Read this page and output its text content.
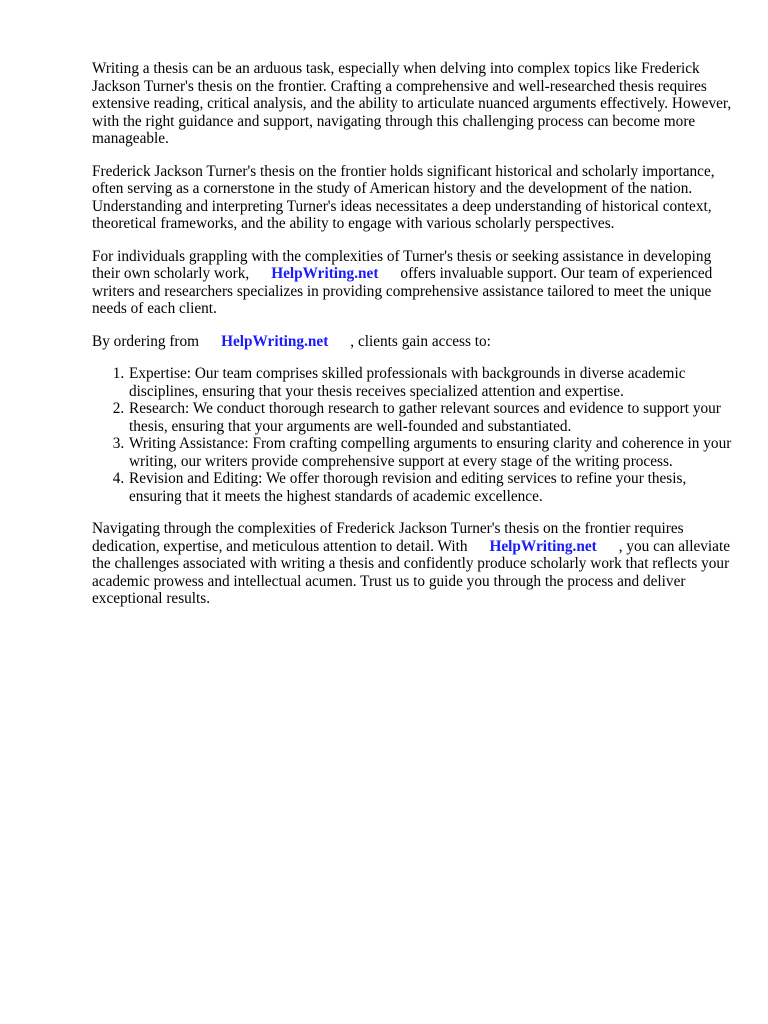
Writing a thesis can be an arduous task, especially when delving into complex topics like Frederick Jackson Turner's thesis on the frontier. Crafting a comprehensive and well-researched thesis requires extensive reading, critical analysis, and the ability to articulate nuanced arguments effectively. However, with the right guidance and support, navigating through this challenging process can become more manageable.

Frederick Jackson Turner's thesis on the frontier holds significant historical and scholarly importance, often serving as a cornerstone in the study of American history and the development of the nation. Understanding and interpreting Turner's ideas necessitates a deep understanding of historical context, theoretical frameworks, and the ability to engage with various scholarly perspectives.

For individuals grappling with the complexities of Turner's thesis or seeking assistance in developing their own scholarly work, HelpWriting.net offers invaluable support. Our team of experienced writers and researchers specializes in providing comprehensive assistance tailored to meet the unique needs of each client.

By ordering from HelpWriting.net , clients gain access to:

1. Expertise: Our team comprises skilled professionals with backgrounds in diverse academic disciplines, ensuring that your thesis receives specialized attention and expertise.
2. Research: We conduct thorough research to gather relevant sources and evidence to support your thesis, ensuring that your arguments are well-founded and substantiated.
3. Writing Assistance: From crafting compelling arguments to ensuring clarity and coherence in your writing, our writers provide comprehensive support at every stage of the writing process.
4. Revision and Editing: We offer thorough revision and editing services to refine your thesis, ensuring that it meets the highest standards of academic excellence.

Navigating through the complexities of Frederick Jackson Turner's thesis on the frontier requires dedication, expertise, and meticulous attention to detail. With HelpWriting.net , you can alleviate the challenges associated with writing a thesis and confidently produce scholarly work that reflects your academic prowess and intellectual acumen. Trust us to guide you through the process and deliver exceptional results.
